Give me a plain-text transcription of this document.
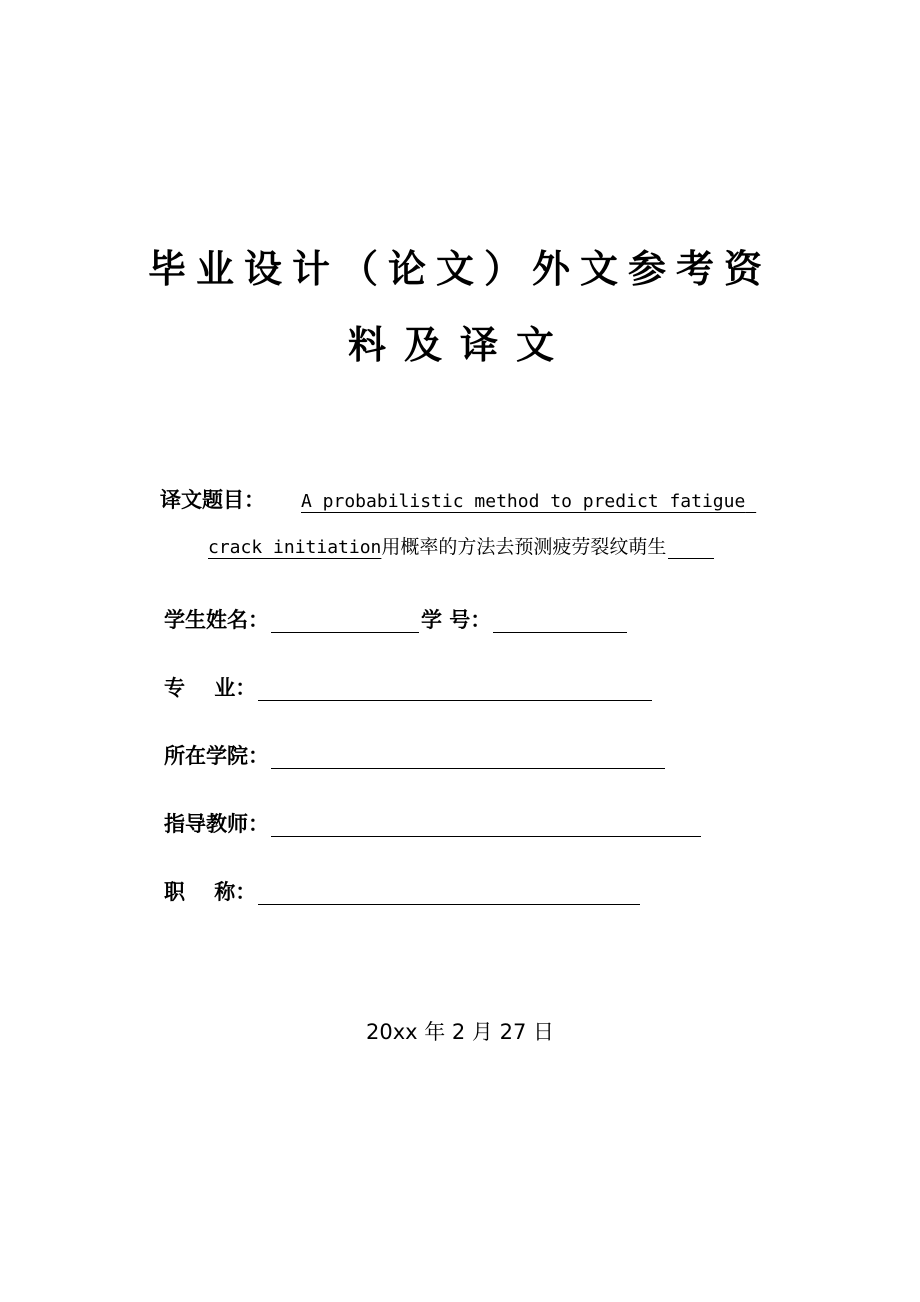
毕业设计（论文）外文参考资
料及译文
译文题目： A probabilistic method to predict fatigue
crack initiation用概率的方法去预测疲劳裂纹萌生
学生姓名：	学 号：
专    业：
所在学院：
指导教师：
职    称：
20xx 年 2 月 27 日
